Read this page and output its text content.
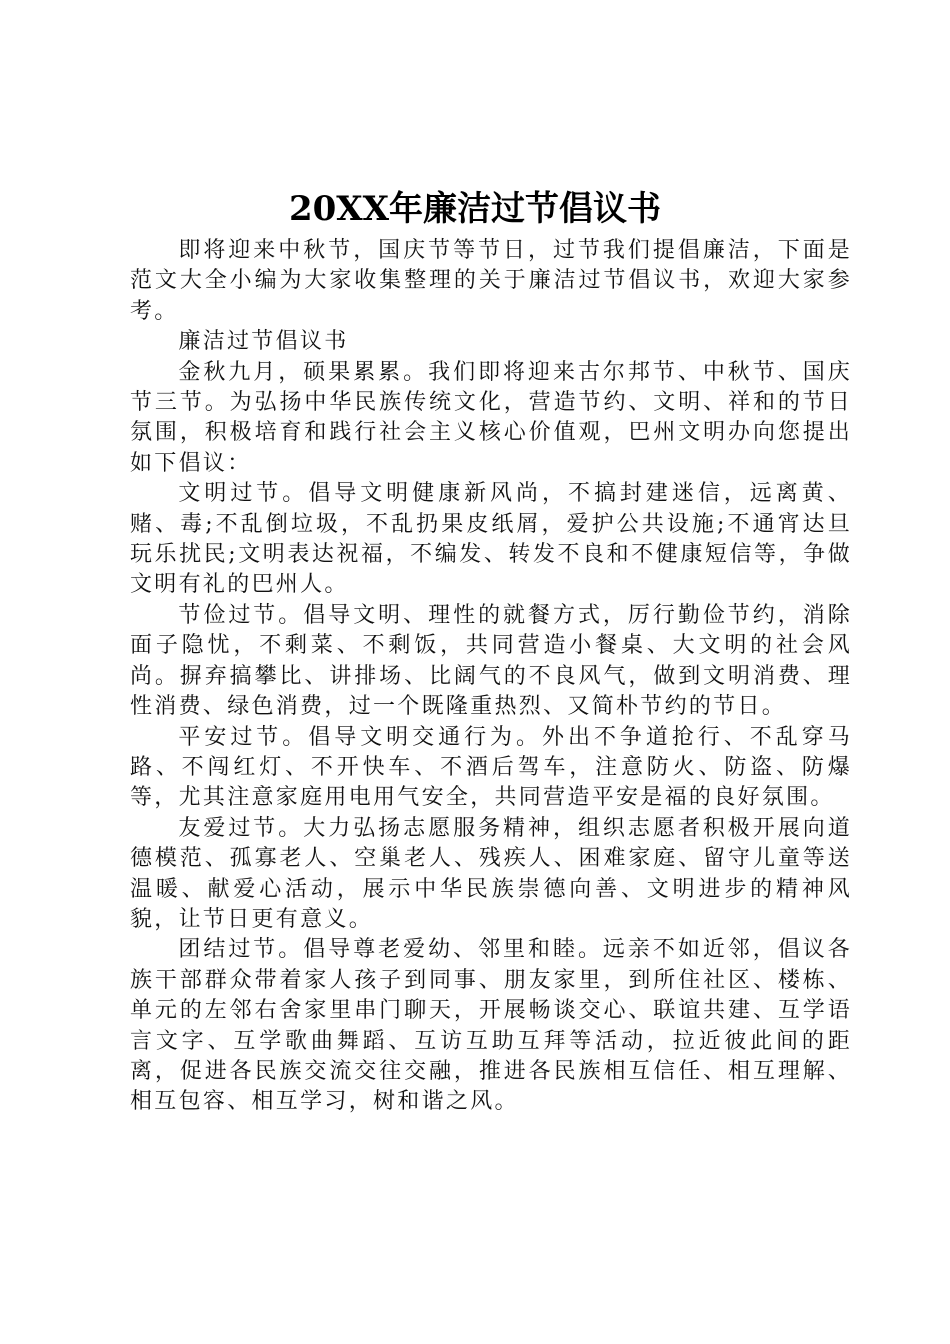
20XX年廉洁过节倡议书

即将迎来中秋节，国庆节等节日，过节我们提倡廉洁，下面是范文大全小编为大家收集整理的关于廉洁过节倡议书，欢迎大家参考。

廉洁过节倡议书

金秋九月，硕果累累。我们即将迎来古尔邦节、中秋节、国庆节三节。为弘扬中华民族传统文化，营造节约、文明、祥和的节日氛围，积极培育和践行社会主义核心价值观，巴州文明办向您提出如下倡议：

文明过节。倡导文明健康新风尚，不搞封建迷信，远离黄、赌、毒;不乱倒垃圾，不乱扔果皮纸屑，爱护公共设施;不通宵达旦玩乐扰民;文明表达祝福，不编发、转发不良和不健康短信等，争做文明有礼的巴州人。

节俭过节。倡导文明、理性的就餐方式，厉行勤俭节约，消除面子隐忧，不剩菜、不剩饭，共同营造小餐桌、大文明的社会风尚。摒弃搞攀比、讲排场、比阔气的不良风气，做到文明消费、理性消费、绿色消费，过一个既隆重热烈、又简朴节约的节日。

平安过节。倡导文明交通行为。外出不争道抢行、不乱穿马路、不闯红灯、不开快车、不酒后驾车，注意防火、防盗、防爆等，尤其注意家庭用电用气安全，共同营造平安是福的良好氛围。

友爱过节。大力弘扬志愿服务精神，组织志愿者积极开展向道德模范、孤寡老人、空巢老人、残疾人、困难家庭、留守儿童等送温暖、献爱心活动，展示中华民族崇德向善、文明进步的精神风貌，让节日更有意义。

团结过节。倡导尊老爱幼、邻里和睦。远亲不如近邻，倡议各族干部群众带着家人孩子到同事、朋友家里，到所住社区、楼栋、单元的左邻右舍家里串门聊天，开展畅谈交心、联谊共建、互学语言文字、互学歌曲舞蹈、互访互助互拜等活动，拉近彼此间的距离，促进各民族交流交往交融，推进各民族相互信任、相互理解、相互包容、相互学习，树和谐之风。
